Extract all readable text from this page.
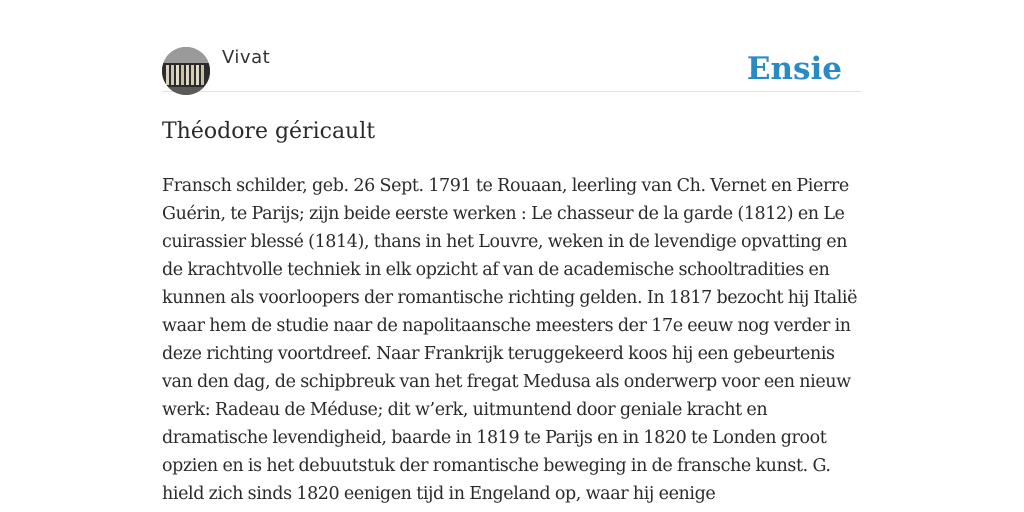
Vivat	Ensie
Théodore géricault

Fransch schilder, geb. 26 Sept. 1791 te Rouaan, leerling van Ch. Vernet en Pierre Guérin, te Parijs; zijn beide eerste werken : Le chasseur de la garde (1812) en Le cuirassier blessé (1814), thans in het Louvre, weken in de levendige opvatting en de krachtvolle techniek in elk opzicht af van de academische schooltradities en kunnen als voorloopers der romantische richting gelden. In 1817 bezocht hij Italië waar hem de studie naar de napolitaansche meesters der 17e eeuw nog verder in deze richting voortdreef. Naar Frankrijk teruggekeerd koos hij een gebeurtenis van den dag, de schipbreuk van het fregat Medusa als onderwerp voor een nieuw werk: Radeau de Méduse; dit w’erk, uitmuntend door geniale kracht en dramatische levendigheid, baarde in 1819 te Parijs en in 1820 te Londen groot opzien en is het debuutstuk der romantische beweging in de fransche kunst. G. hield zich sinds 1820 eenigen tijd in Engeland op, waar hij eenige
